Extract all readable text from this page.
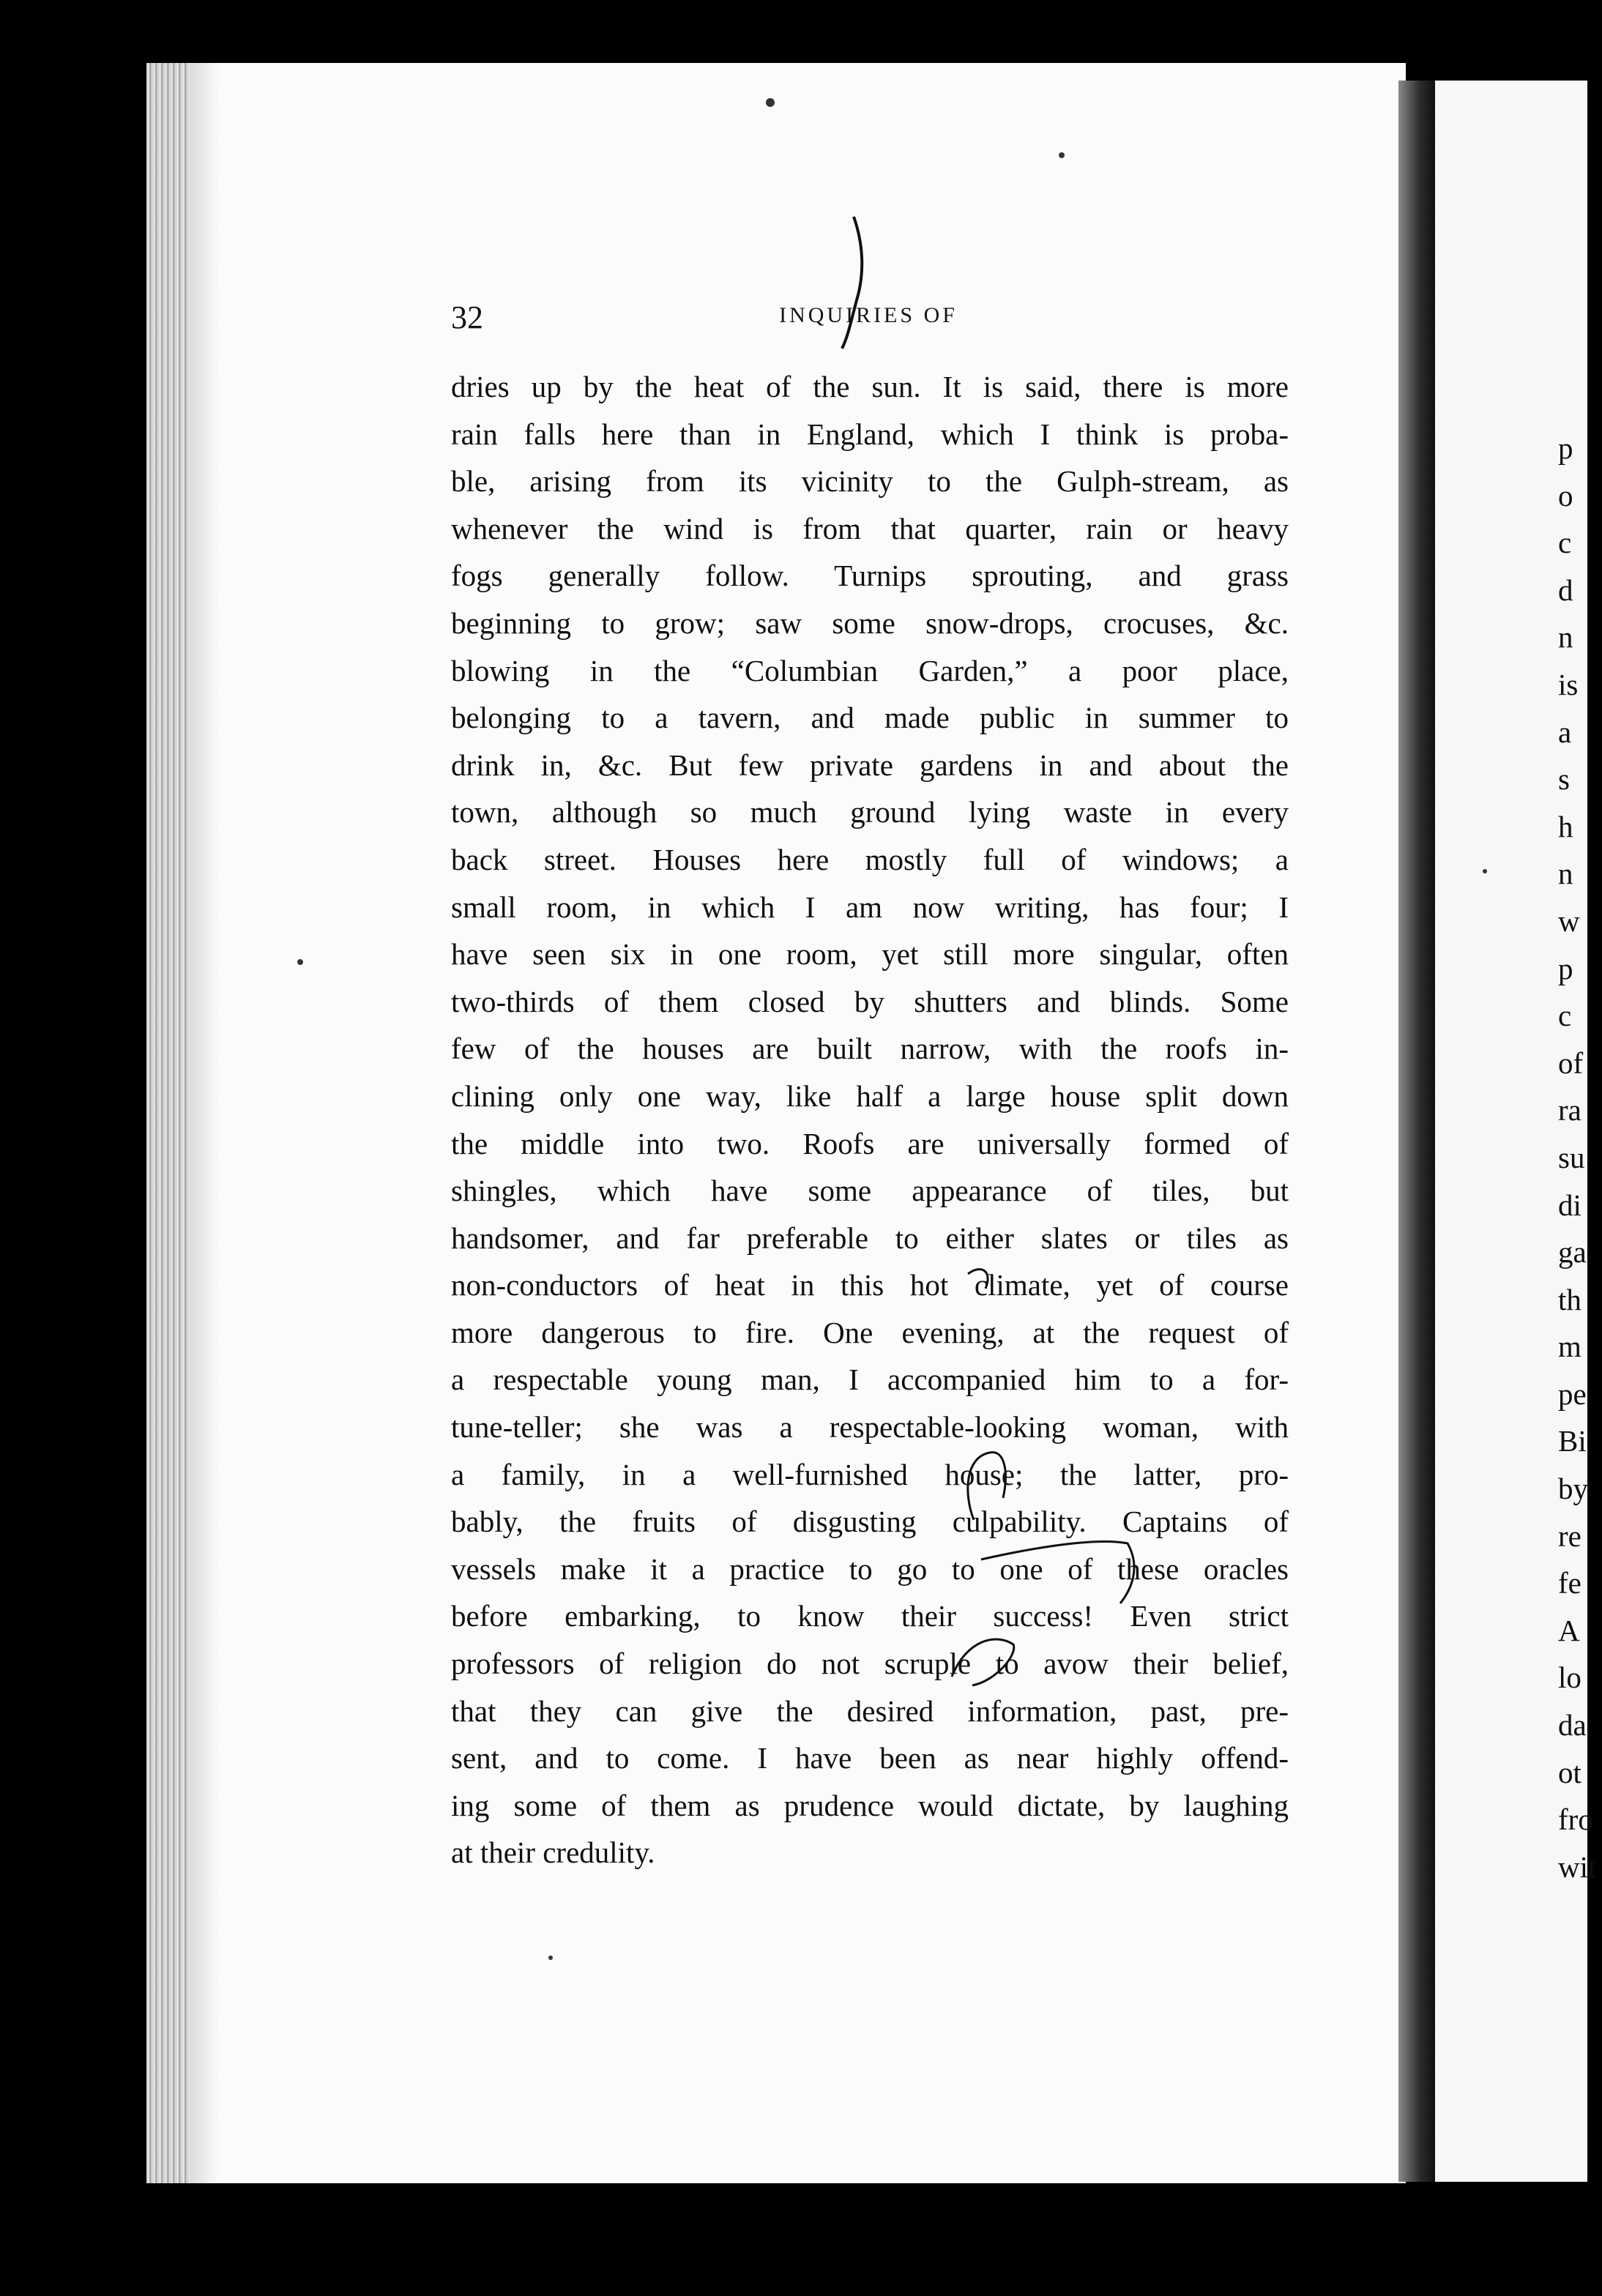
32	INQUIRIES OF
dries up by the heat of the sun. It is said, there is more
rain falls here than in England, which I think is proba-
ble, arising from its vicinity to the Gulph-stream, as
whenever the wind is from that quarter, rain or heavy
fogs generally follow. Turnips sprouting, and grass
beginning to grow; saw some snow-drops, crocuses, &c.
blowing in the “Columbian Garden,” a poor place,
belonging to a tavern, and made public in summer to
drink in, &c. But few private gardens in and about the
town, although so much ground lying waste in every
back street. Houses here mostly full of windows; a
small room, in which I am now writing, has four; I
have seen six in one room, yet still more singular, often
two-thirds of them closed by shutters and blinds. Some
few of the houses are built narrow, with the roofs in-
clining only one way, like half a large house split down
the middle into two. Roofs are universally formed of
shingles, which have some appearance of tiles, but
handsomer, and far preferable to either slates or tiles as
non-conductors of heat in this hot climate, yet of course
more dangerous to fire. One evening, at the request of
a respectable young man, I accompanied him to a for-
tune-teller; she was a respectable-looking woman, with
a family, in a well-furnished house; the latter, pro-
bably, the fruits of disgusting culpability. Captains of
vessels make it a practice to go to one of these oracles
before embarking, to know their success! Even strict
professors of religion do not scruple to avow their belief,
that they can give the desired information, past, pre-
sent, and to come. I have been as near highly offend-
ing some of them as prudence would dictate, by laughing
at their credulity.
p
o
c
d
n
is
a
s
h
n
w
p
c
of
ra
su
di
ga
th
m
pe
Bi
by
re
fe
A
lo
da
ot
fro
wit
